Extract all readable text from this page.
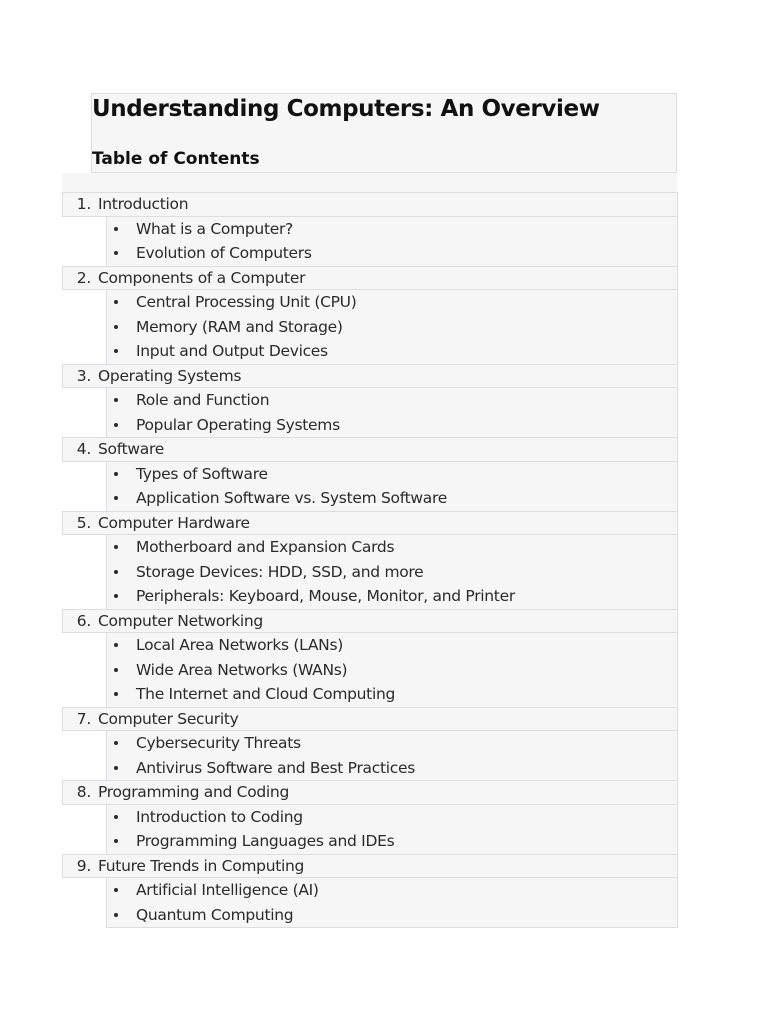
Understanding Computers: An Overview
Table of Contents
1. Introduction
What is a Computer?
Evolution of Computers
2. Components of a Computer
Central Processing Unit (CPU)
Memory (RAM and Storage)
Input and Output Devices
3. Operating Systems
Role and Function
Popular Operating Systems
4. Software
Types of Software
Application Software vs. System Software
5. Computer Hardware
Motherboard and Expansion Cards
Storage Devices: HDD, SSD, and more
Peripherals: Keyboard, Mouse, Monitor, and Printer
6. Computer Networking
Local Area Networks (LANs)
Wide Area Networks (WANs)
The Internet and Cloud Computing
7. Computer Security
Cybersecurity Threats
Antivirus Software and Best Practices
8. Programming and Coding
Introduction to Coding
Programming Languages and IDEs
9. Future Trends in Computing
Artificial Intelligence (AI)
Quantum Computing
